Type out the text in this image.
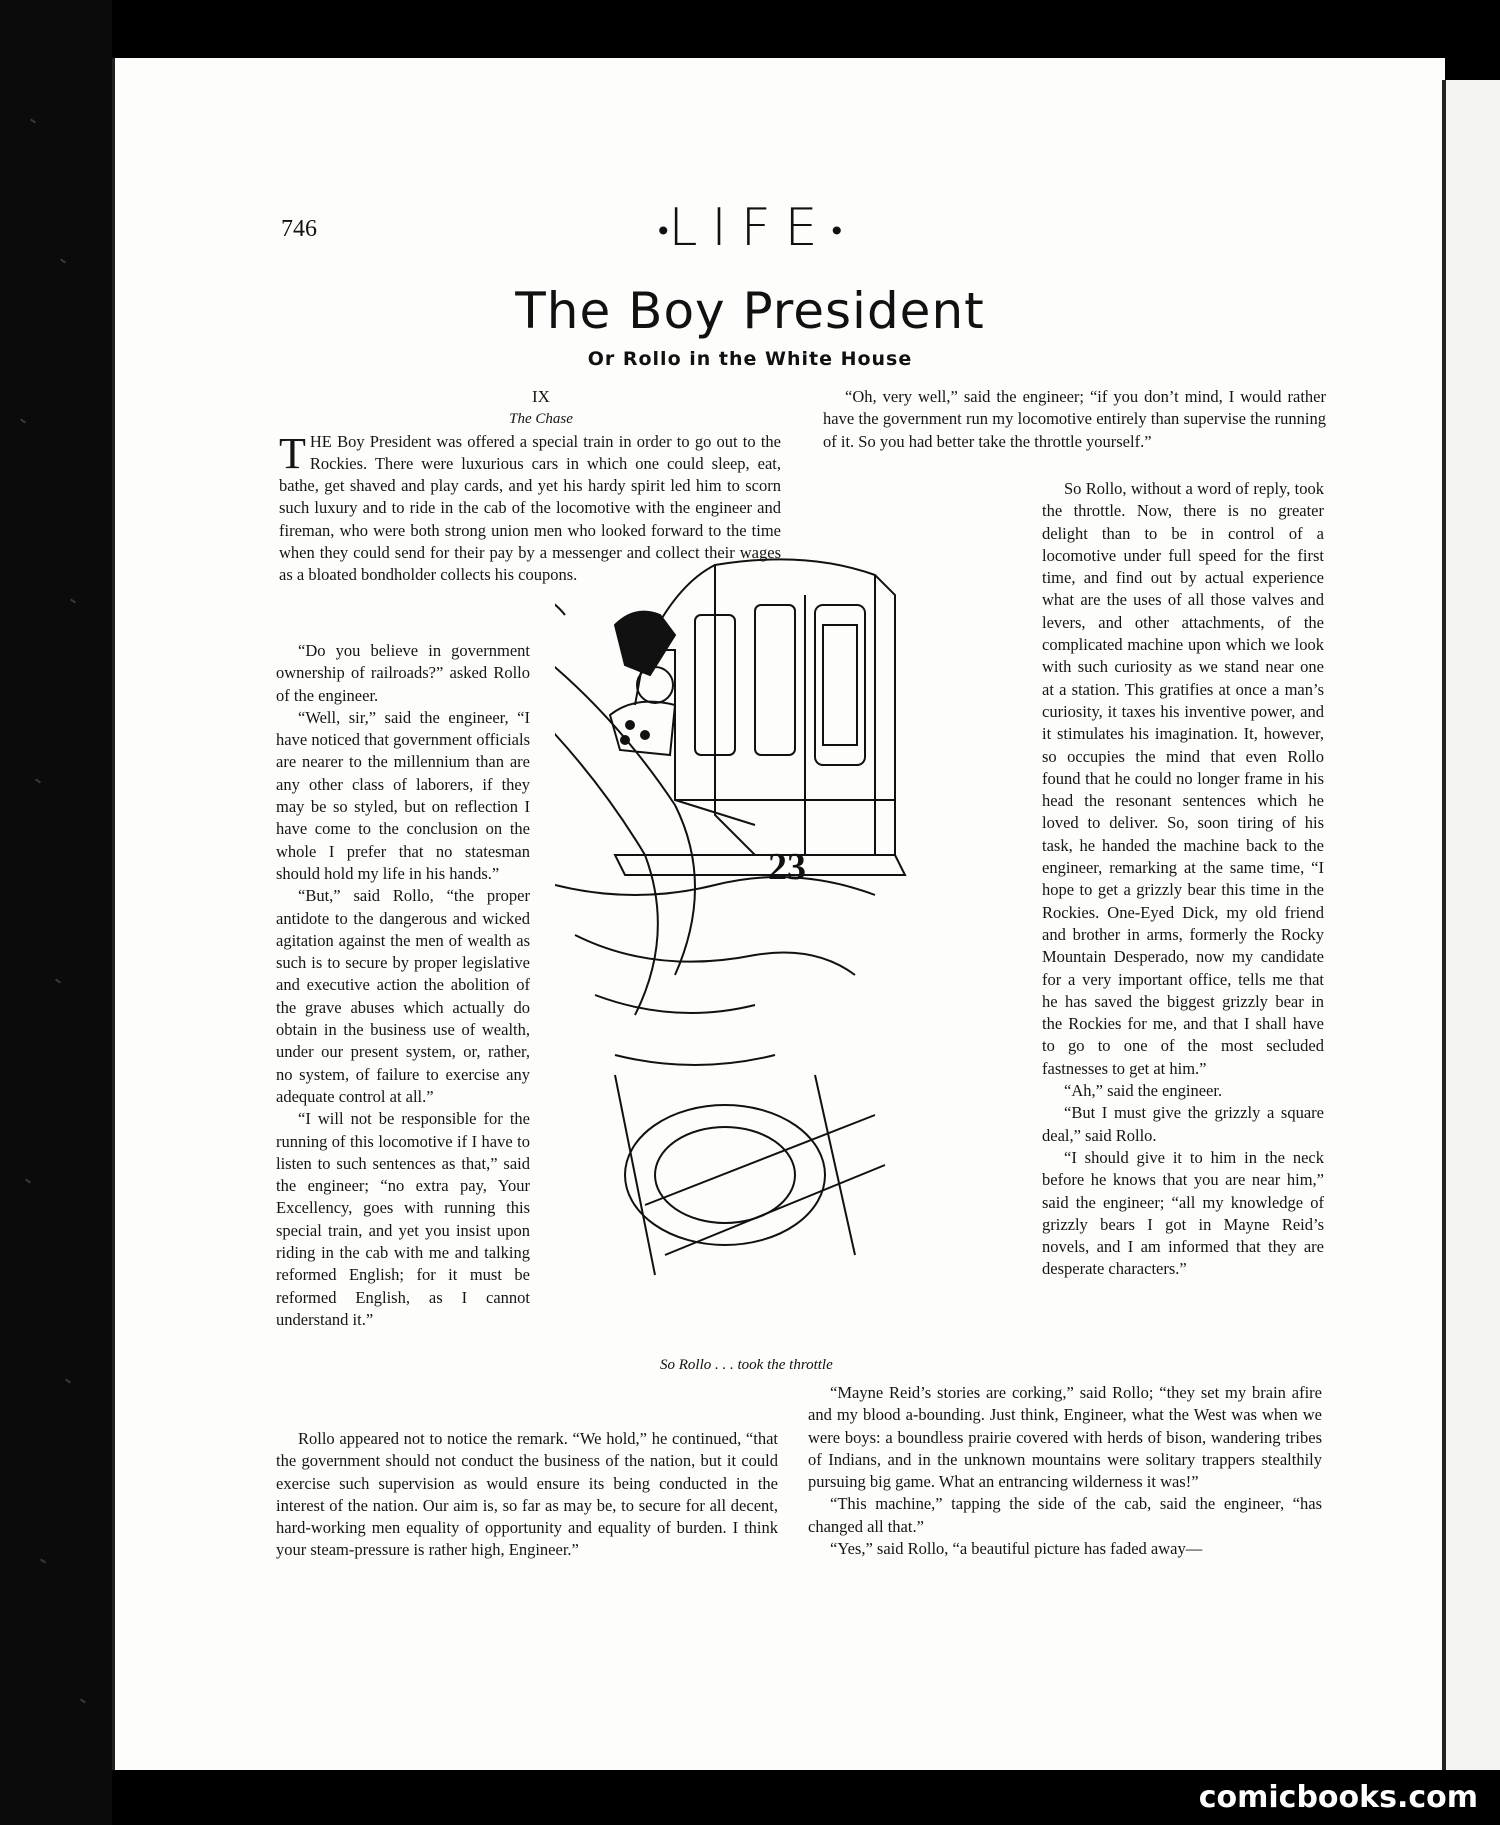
746	•LIFE•
The Boy President
Or Rollo in the White House

IX

The Chase

THE Boy President was offered a special train in order to go out to the Rockies. There were luxurious cars in which one could sleep, eat, bathe, get shaved and play cards, and yet his hardy spirit led him to scorn such luxury and to ride in the cab of the locomotive with the engineer and fireman, who were both strong union men who looked forward to the time when they could send for their pay by a messenger and collect their wages as a bloated bondholder collects his coupons.

“Do you believe in government ownership of railroads?” asked Rollo of the engineer.

“Well, sir,” said the engineer, “I have noticed that government officials are nearer to the millennium than are any other class of laborers, if they may be so styled, but on reflection I have come to the conclusion on the whole I prefer that no statesman should hold my life in his hands.”

“But,” said Rollo, “the proper antidote to the dangerous and wicked agitation against the men of wealth as such is to secure by proper legislative and executive action the abolition of the grave abuses which actually do obtain in the business use of wealth, under our present system, or, rather, no system, of failure to exercise any adequate control at all.”

“I will not be responsible for the running of this locomotive if I have to listen to such sentences as that,” said the engineer; “no extra pay, Your Excellency, goes with running this special train, and yet you insist upon riding in the cab with me and talking reformed English; for it must be reformed English, as I cannot understand it.”

Rollo appeared not to notice the remark. “We hold,” he continued, “that the government should not conduct the business of the nation, but it could exercise such supervision as would ensure its being conducted in the interest of the nation. Our aim is, so far as may be, to secure for all decent, hard-working men equality of opportunity and equality of burden. I think your steam-pressure is rather high, Engineer.”

“Oh, very well,” said the engineer; “if you don’t mind, I would rather have the government run my locomotive entirely than supervise the running of it. So you had better take the throttle yourself.”

So Rollo, without a word of reply, took the throttle. Now, there is no greater delight than to be in control of a locomotive under full speed for the first time, and find out by actual experience what are the uses of all those valves and levers, and other attachments, of the complicated machine upon which we look with such curiosity as we stand near one at a station. This gratifies at once a man’s curiosity, it taxes his inventive power, and it stimulates his imagination. It, however, so occupies the mind that even Rollo found that he could no longer frame in his head the resonant sentences which he loved to deliver. So, soon tiring of his task, he handed the machine back to the engineer, remarking at the same time, “I hope to get a grizzly bear this time in the Rockies. One-Eyed Dick, my old friend and brother in arms, formerly the Rocky Mountain Desperado, now my candidate for a very important office, tells me that he has saved the biggest grizzly bear in the Rockies for me, and that I shall have to go to one of the most secluded fastnesses to get at him.”

“Ah,” said the engineer.

“But I must give the grizzly a square deal,” said Rollo.

“I should give it to him in the neck before he knows that you are near him,” said the engineer; “all my knowledge of grizzly bears I got in Mayne Reid’s novels, and I am informed that they are desperate characters.”

“Mayne Reid’s stories are corking,” said Rollo; “they set my brain afire and my blood a-bounding. Just think, Engineer, what the West was when we were boys: a boundless prairie covered with herds of bison, wandering tribes of Indians, and in the unknown mountains were solitary trappers stealthily pursuing big game. What an entrancing wilderness it was!”

“This machine,” tapping the side of the cab, said the engineer, “has changed all that.”

“Yes,” said Rollo, “a beautiful picture has faded away—

23
So Rollo . . . took the throttle
comicbooks.com
